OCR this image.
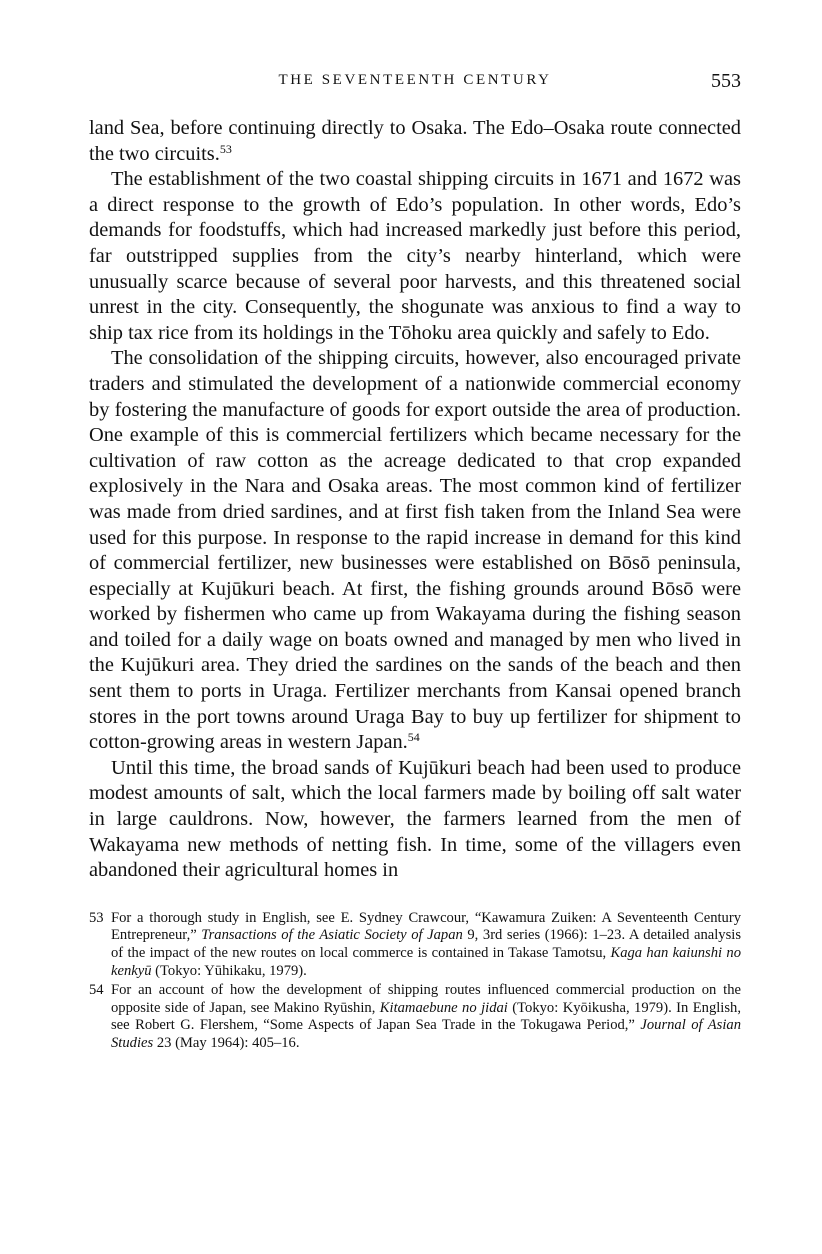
THE SEVENTEENTH CENTURY	553

land Sea, before continuing directly to Osaka. The Edo–Osaka route connected the two circuits.$^{53}$

The establishment of the two coastal shipping circuits in 1671 and 1672 was a direct response to the growth of Edo’s population. In other words, Edo’s demands for foodstuffs, which had increased markedly just before this period, far outstripped supplies from the city’s nearby hinterland, which were unusually scarce because of several poor harvests, and this threatened social unrest in the city. Consequently, the shogunate was anxious to find a way to ship tax rice from its holdings in the Tōhoku area quickly and safely to Edo.

The consolidation of the shipping circuits, however, also encouraged private traders and stimulated the development of a nationwide commercial economy by fostering the manufacture of goods for export outside the area of production. One example of this is commercial fertilizers which became necessary for the cultivation of raw cotton as the acreage dedicated to that crop expanded explosively in the Nara and Osaka areas. The most common kind of fertilizer was made from dried sardines, and at first fish taken from the Inland Sea were used for this purpose. In response to the rapid increase in demand for this kind of commercial fertilizer, new businesses were established on Bōsō peninsula, especially at Kujūkuri beach. At first, the fishing grounds around Bōsō were worked by fishermen who came up from Wakayama during the fishing season and toiled for a daily wage on boats owned and managed by men who lived in the Kujūkuri area. They dried the sardines on the sands of the beach and then sent them to ports in Uraga. Fertilizer merchants from Kansai opened branch stores in the port towns around Uraga Bay to buy up fertilizer for shipment to cotton-growing areas in western Japan.$^{54}$

Until this time, the broad sands of Kujūkuri beach had been used to produce modest amounts of salt, which the local farmers made by boiling off salt water in large cauldrons. Now, however, the farmers learned from the men of Wakayama new methods of netting fish. In time, some of the villagers even abandoned their agricultural homes in

53 For a thorough study in English, see E. Sydney Crawcour, “Kawamura Zuiken: A Seventeenth Century Entrepreneur,” Transactions of the Asiatic Society of Japan 9, 3rd series (1966): 1–23. A detailed analysis of the impact of the new routes on local commerce is contained in Takase Tamotsu, Kaga han kaiunshi no kenkyū (Tokyo: Yūhikaku, 1979).
54 For an account of how the development of shipping routes influenced commercial production on the opposite side of Japan, see Makino Ryūshin, Kitamaebune no jidai (Tokyo: Kyōikusha, 1979). In English, see Robert G. Flershem, “Some Aspects of Japan Sea Trade in the Tokugawa Period,” Journal of Asian Studies 23 (May 1964): 405–16.
